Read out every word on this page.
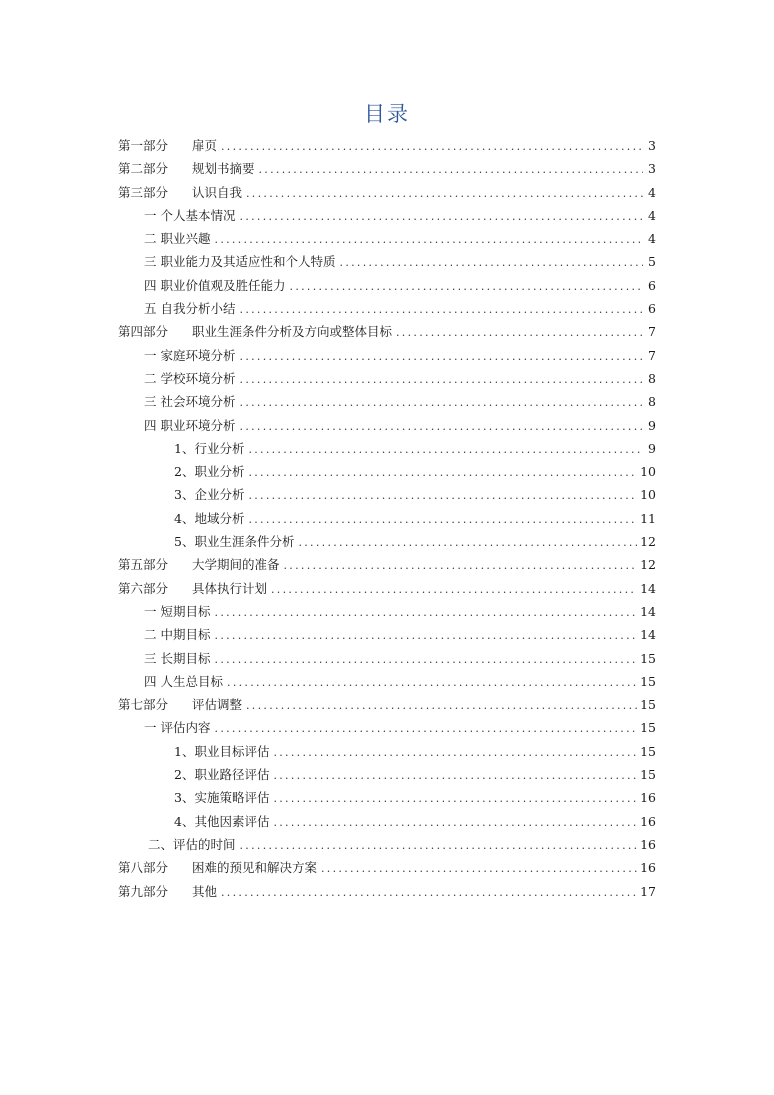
目录
第一部分	扉页 .....	3
第二部分	规划书摘要 .....	3
第三部分	认识自我 .....	4
一 个人基本情况 .....	4
二 职业兴趣 .....	4
三 职业能力及其适应性和个人特质 .....	5
四 职业价值观及胜任能力 .....	6
五 自我分析小结 .....	6
第四部分	职业生涯条件分析及方向或整体目标 .....	7
一 家庭环境分析 .....	7
二 学校环境分析 .....	8
三 社会环境分析 .....	8
四 职业环境分析 .....	9
1、行业分析 .....	9
2、职业分析 .....	10
3、企业分析 .....	10
4、地域分析 .....	11
5、职业生涯条件分析 .....	12
第五部分	大学期间的准备 .....	12
第六部分	具体执行计划 .....	14
一 短期目标 .....	14
二 中期目标 .....	14
三 长期目标 .....	15
四 人生总目标 .....	15
第七部分	评估调整 .....	15
一 评估内容 .....	15
1、职业目标评估 .....	15
2、职业路径评估 .....	15
3、实施策略评估 .....	16
4、其他因素评估 .....	16
二、评估的时间 .....	16
第八部分	困难的预见和解决方案 .....	16
第九部分	其他 .....	17
